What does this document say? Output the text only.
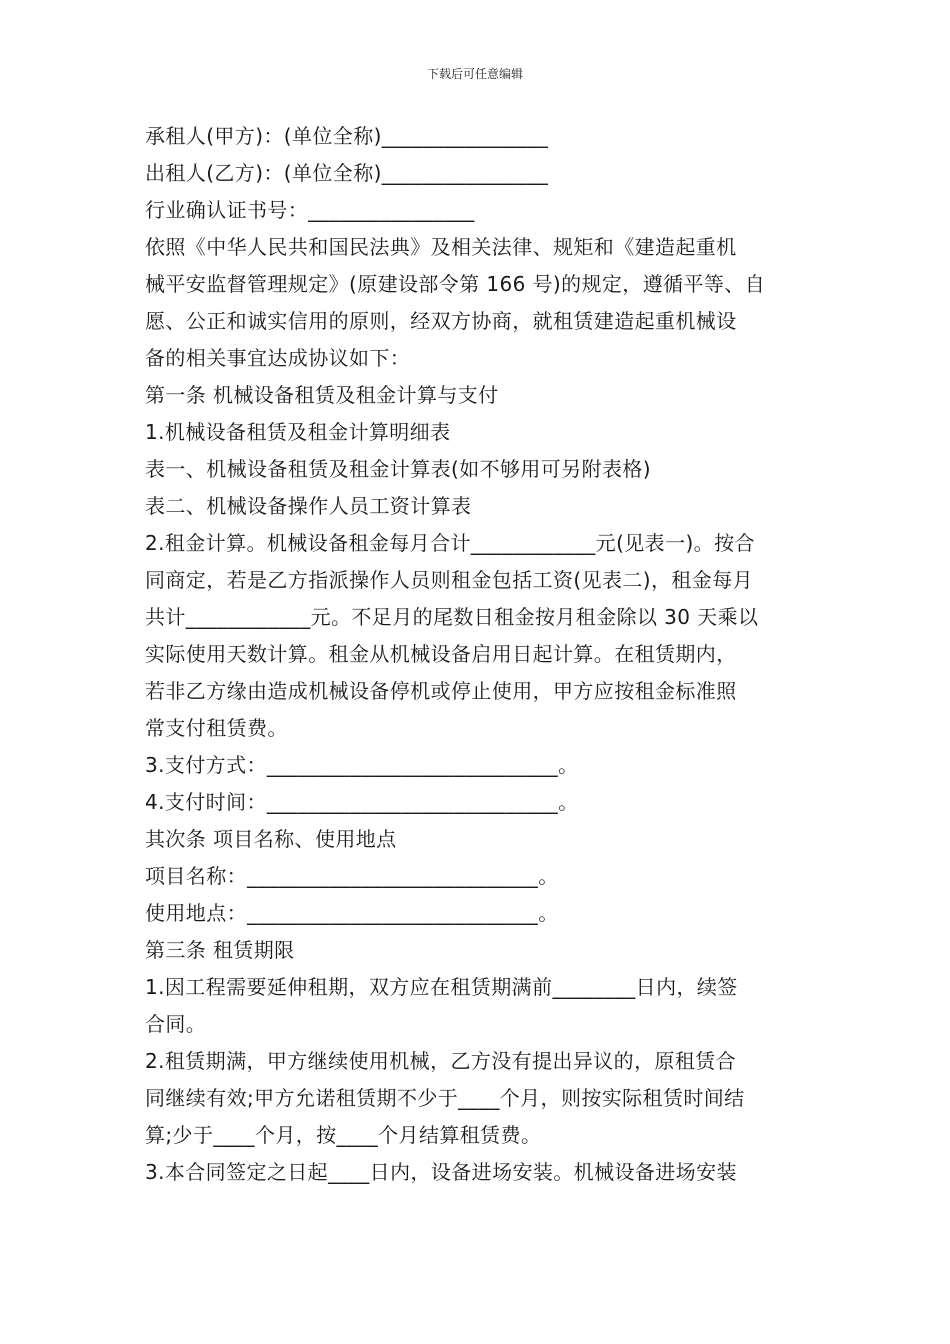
下载后可任意编辑
承租人(甲方)：(单位全称)________________
出租人(乙方)：(单位全称)________________
行业确认证书号：________________
依照《中华人民共和国民法典》及相关法律、规矩和《建造起重机
械平安监督管理规定》(原建设部令第 166 号)的规定，遵循平等、自
愿、公正和诚实信用的原则，经双方协商，就租赁建造起重机械设
备的相关事宜达成协议如下：
第一条 机械设备租赁及租金计算与支付
1.机械设备租赁及租金计算明细表
表一、机械设备租赁及租金计算表(如不够用可另附表格)
表二、机械设备操作人员工资计算表
2.租金计算。机械设备租金每月合计____________元(见表一)。按合
同商定，若是乙方指派操作人员则租金包括工资(见表二)，租金每月
共计____________元。不足月的尾数日租金按月租金除以 30 天乘以
实际使用天数计算。租金从机械设备启用日起计算。在租赁期内，
若非乙方缘由造成机械设备停机或停止使用，甲方应按租金标准照
常支付租赁费。
3.支付方式：____________________________。
4.支付时间：____________________________。
其次条 项目名称、使用地点
项目名称：____________________________。
使用地点：____________________________。
第三条 租赁期限
1.因工程需要延伸租期，双方应在租赁期满前________日内，续签
合同。
2.租赁期满，甲方继续使用机械，乙方没有提出异议的，原租赁合
同继续有效;甲方允诺租赁期不少于____个月，则按实际租赁时间结
算;少于____个月，按____个月结算租赁费。
3.本合同签定之日起____日内，设备进场安装。机械设备进场安装
